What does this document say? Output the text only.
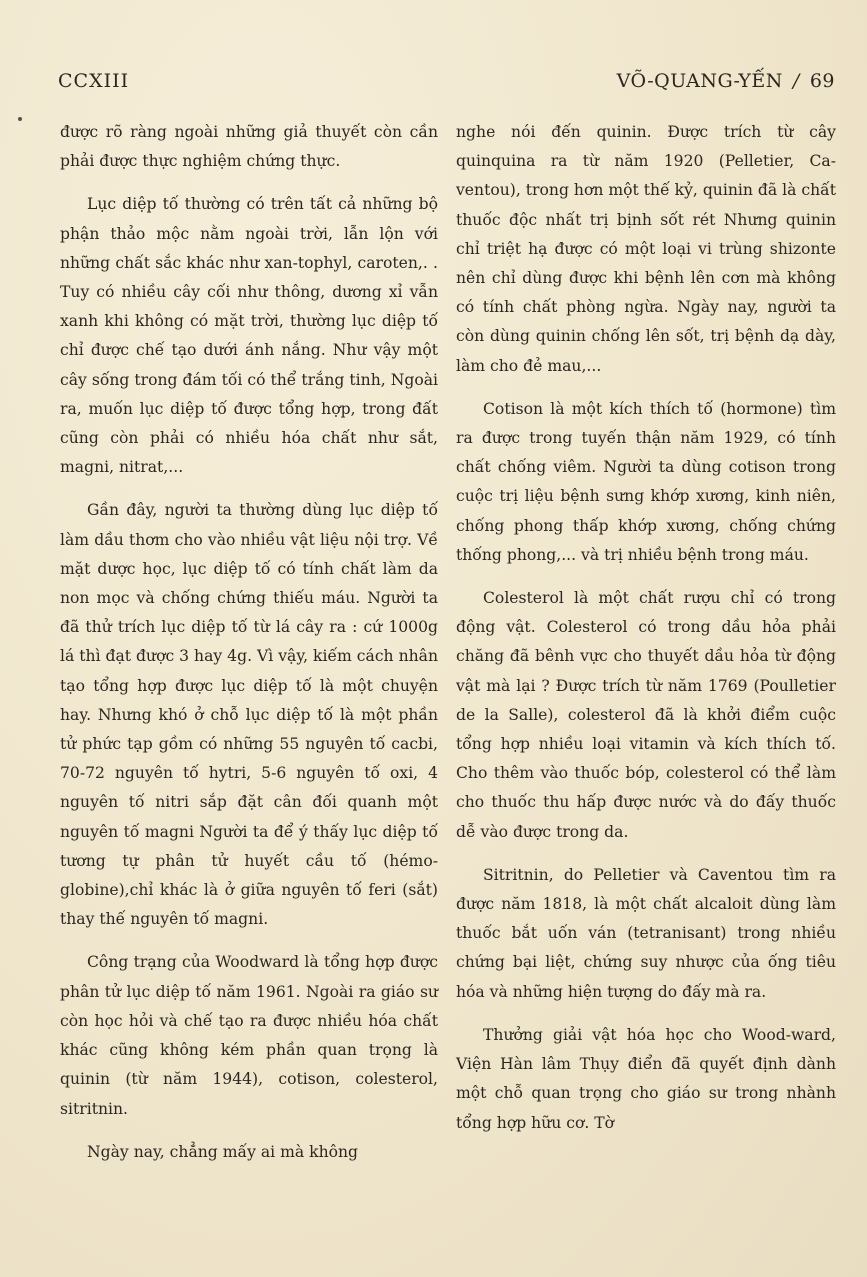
CCXIII	VÕ-QUANG-YẾN / 69

được rõ ràng ngoài những giả thuyết còn cần phải được thực nghiệm chứng thực.

Lục diệp tố thường có trên tất cả những bộ phận thảo mộc nằm ngoài trời, lẫn lộn với những chất sắc khác như xan-tophyl, caroten,. . Tuy có nhiều cây cối như thông, dương xỉ vẫn xanh khi không có mặt trời, thường lục diệp tố chỉ được chế tạo dưới ánh nắng. Như vậy một cây sống trong đám tối có thể trắng tinh, Ngoài ra, muốn lục diệp tố được tổng hợp, trong đất cũng còn phải có nhiều hóa chất như sắt, magni, nitrat,...

Gần đây, người ta thường dùng lục diệp tố làm dầu thơm cho vào nhiều vật liệu nội trợ. Về mặt dược học, lục diệp tố có tính chất làm da non mọc và chống chứng thiếu máu. Người ta đã thử trích lục diệp tố từ lá cây ra : cứ 1000g lá thì đạt được 3 hay 4g. Vì vậy, kiếm cách nhân tạo tổng hợp được lục diệp tố là một chuyện hay. Nhưng khó ở chỗ lục diệp tố là một phần tử phức tạp gồm có những 55 nguyên tố cacbi, 70-72 nguyên tố hytri, 5-6 nguyên tố oxi, 4 nguyên tố nitri sắp đặt cân đối quanh một nguyên tố magni Người ta để ý thấy lục diệp tố tương tự phân tử huyết cầu tố (hémo-globine),chỉ khác là ở giữa nguyên tố feri (sắt) thay thế nguyên tố magni.

Công trạng của Woodward là tổng hợp được phân tử lục diệp tố năm 1961. Ngoài ra giáo sư còn học hỏi và chế tạo ra được nhiều hóa chất khác cũng không kém phần quan trọng là quinin (từ năm 1944), cotison, colesterol, sitritnin.

Ngày nay, chẳng mấy ai mà không

nghe nói đến quinin. Được trích từ cây quinquina ra từ năm 1920 (Pelletier, Ca-ventou), trong hơn một thế kỷ, quinin đã là chất thuốc độc nhất trị bịnh sốt rét Nhưng quinin chỉ triệt hạ được có một loại vi trùng shizonte nên chỉ dùng được khi bệnh lên cơn mà không có tính chất phòng ngừa. Ngày nay, người ta còn dùng quinin chống lên sốt, trị bệnh dạ dày, làm cho đẻ mau,...

Cotison là một kích thích tố (hormone) tìm ra được trong tuyến thận năm 1929, có tính chất chống viêm. Người ta dùng cotison trong cuộc trị liệu bệnh sưng khớp xương, kinh niên, chống phong thấp khớp xương, chống chứng thống phong,... và trị nhiều bệnh trong máu.

Colesterol là một chất rượu chỉ có trong động vật. Colesterol có trong dầu hỏa phải chăng đã bênh vực cho thuyết dầu hỏa từ động vật mà lại ? Được trích từ năm 1769 (Poulletier de la Salle), colesterol đã là khởi điểm cuộc tổng hợp nhiều loại vitamin và kích thích tố. Cho thêm vào thuốc bóp, colesterol có thể làm cho thuốc thu hấp được nước và do đấy thuốc dễ vào được trong da.

Sitritnin, do Pelletier và Caventou tìm ra được năm 1818, là một chất alcaloit dùng làm thuốc bắt uốn ván (tetranisant) trong nhiều chứng bại liệt, chứng suy nhược của ống tiêu hóa và những hiện tượng do đấy mà ra.

Thưởng giải vật hóa học cho Wood-ward, Viện Hàn lâm Thụy điển đã quyết định dành một chỗ quan trọng cho giáo sư trong nhành tổng hợp hữu cơ. Tờ
